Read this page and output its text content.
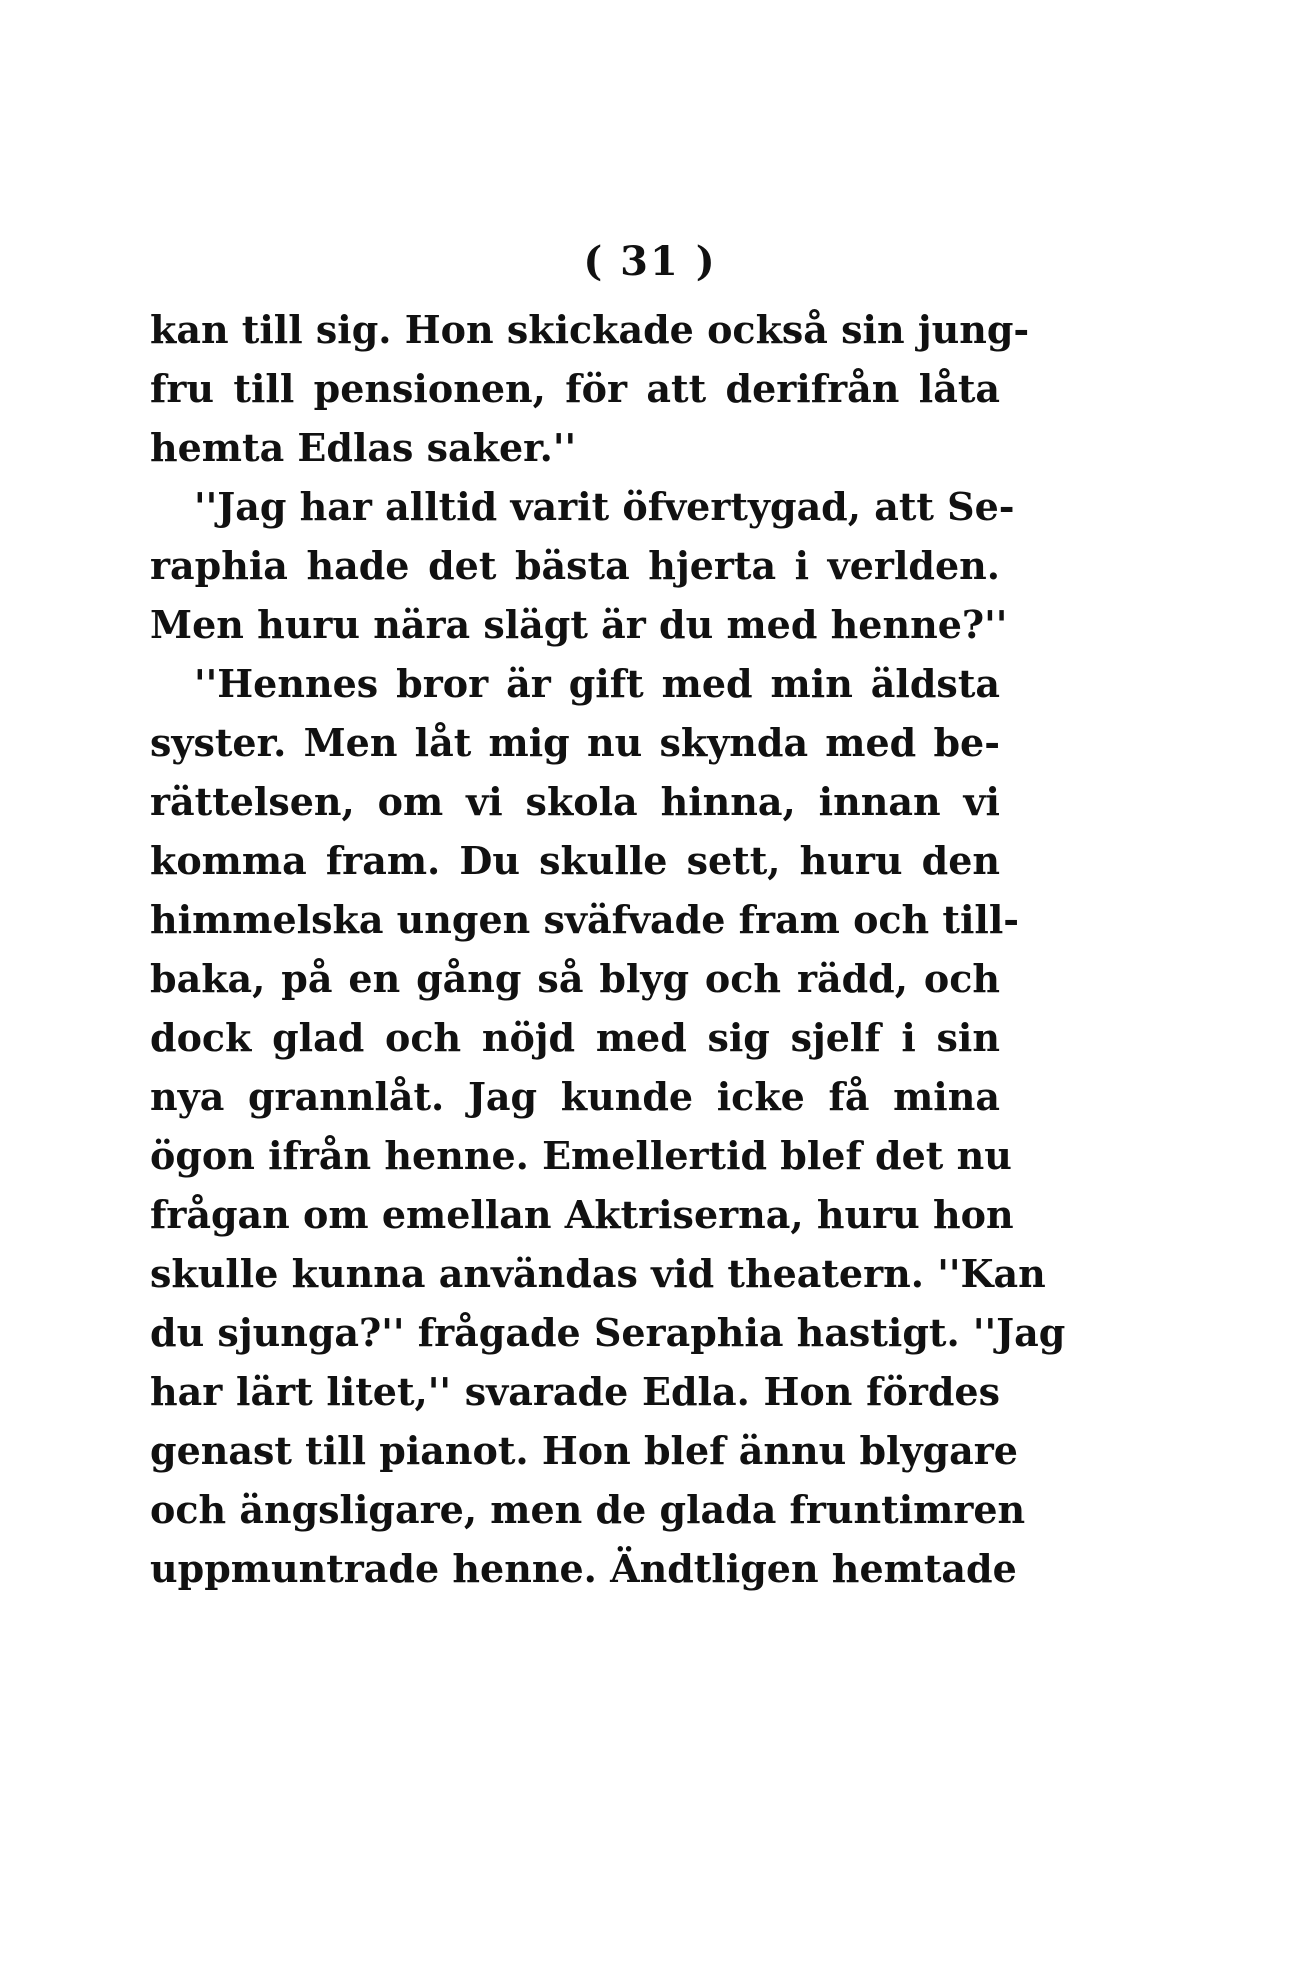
( 31 )
kan till sig. Hon skickade också sin jung-
fru till pensionen, för att derifrån låta
hemta Edlas saker.''
''Jag har alltid varit öfvertygad, att Se-
raphia hade det bästa hjerta i verlden.
Men huru nära slägt är du med henne?''
''Hennes bror är gift med min äldsta
syster. Men låt mig nu skynda med be-
rättelsen, om vi skola hinna, innan vi
komma fram. Du skulle sett, huru den
himmelska ungen sväfvade fram och till-
baka, på en gång så blyg och rädd, och
dock glad och nöjd med sig sjelf i sin
nya grannlåt. Jag kunde icke få mina
ögon ifrån henne. Emellertid blef det nu
frågan om emellan Aktriserna, huru hon
skulle kunna användas vid theatern. ''Kan
du sjunga?'' frågade Seraphia hastigt. ''Jag
har lärt litet,'' svarade Edla. Hon fördes
genast till pianot. Hon blef ännu blygare
och ängsligare, men de glada fruntimren
uppmuntrade henne. Ändtligen hemtade
